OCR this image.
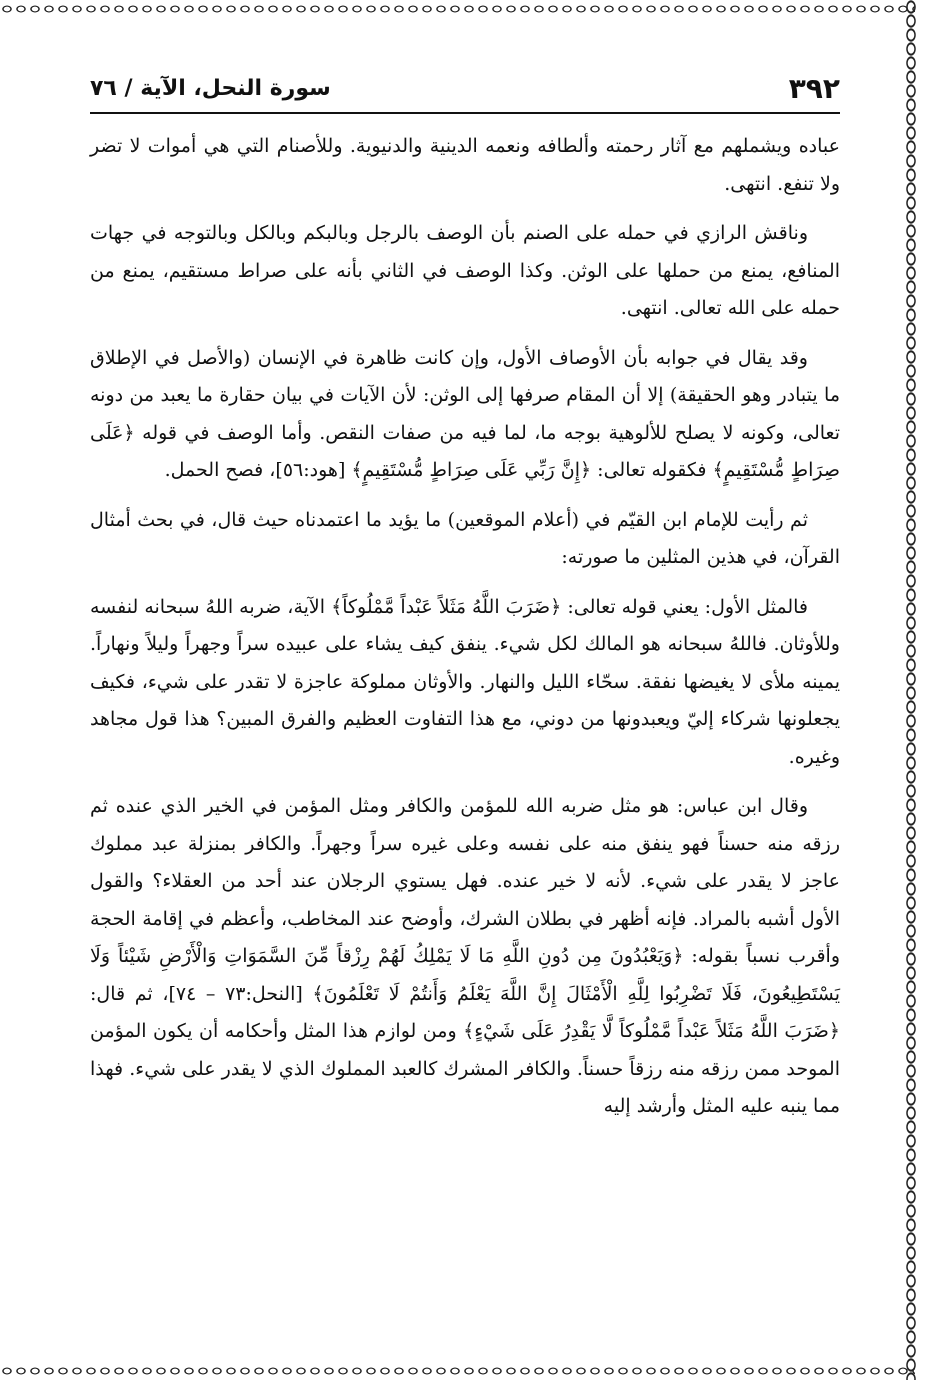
٣٩٢
سورة النحل، الآية / ٧٦

عباده ويشملهم مع آثار رحمته وألطافه ونعمه الدينية والدنيوية. وللأصنام التي هي أموات لا تضر ولا تنفع. انتهى.

وناقش الرازي في حمله على الصنم بأن الوصف بالرجل وبالبكم وبالكل وبالتوجه في جهات المنافع، يمنع من حملها على الوثن. وكذا الوصف في الثاني بأنه على صراط مستقيم، يمنع من حمله على الله تعالى. انتهى.

وقد يقال في جوابه بأن الأوصاف الأول، وإن كانت ظاهرة في الإنسان (والأصل في الإطلاق ما يتبادر وهو الحقيقة) إلا أن المقام صرفها إلى الوثن: لأن الآيات في بيان حقارة ما يعبد من دونه تعالى، وكونه لا يصلح للألوهية بوجه ما، لما فيه من صفات النقص. وأما الوصف في قوله ﴿عَلَى صِرَاطٍ مُّسْتَقِيمٍ﴾ فكقوله تعالى: ﴿إِنَّ رَبِّي عَلَى صِرَاطٍ مُّسْتَقِيمٍ﴾ [هود:٥٦]، فصح الحمل.

ثم رأيت للإمام ابن القيّم في (أعلام الموقعين) ما يؤيد ما اعتمدناه حيث قال، في بحث أمثال القرآن، في هذين المثلين ما صورته:

فالمثل الأول: يعني قوله تعالى: ﴿ضَرَبَ اللَّهُ مَثَلاً عَبْداً مَّمْلُوكاً﴾ الآية، ضربه اللهُ سبحانه لنفسه وللأوثان. فاللهُ سبحانه هو المالك لكل شيء. ينفق كيف يشاء على عبيده سراً وجهراً وليلاً ونهاراً. يمينه ملأى لا يغيضها نفقة. سحّاء الليل والنهار. والأوثان مملوكة عاجزة لا تقدر على شيء، فكيف يجعلونها شركاء إليّ ويعبدونها من دوني، مع هذا التفاوت العظيم والفرق المبين؟ هذا قول مجاهد وغيره.

وقال ابن عباس: هو مثل ضربه الله للمؤمن والكافر ومثل المؤمن في الخير الذي عنده ثم رزقه منه حسناً فهو ينفق منه على نفسه وعلى غيره سراً وجهراً. والكافر بمنزلة عبد مملوك عاجز لا يقدر على شيء. لأنه لا خير عنده. فهل يستوي الرجلان عند أحد من العقلاء؟ والقول الأول أشبه بالمراد. فإنه أظهر في بطلان الشرك، وأوضح عند المخاطب، وأعظم في إقامة الحجة وأقرب نسباً بقوله: ﴿وَيَعْبُدُونَ مِن دُونِ اللَّهِ مَا لَا يَمْلِكُ لَهُمْ رِزْقاً مِّنَ السَّمَوَاتِ وَالْأَرْضِ شَيْئاً وَلَا يَسْتَطِيعُونَ، فَلَا تَضْرِبُوا لِلَّهِ الْأَمْثَالَ إِنَّ اللَّهَ يَعْلَمُ وَأَنتُمْ لَا تَعْلَمُونَ﴾ [النحل:٧٣ – ٧٤]، ثم قال: ﴿ضَرَبَ اللَّهُ مَثَلاً عَبْداً مَّمْلُوكاً لَّا يَقْدِرُ عَلَى شَيْءٍ﴾ ومن لوازم هذا المثل وأحكامه أن يكون المؤمن الموحد ممن رزقه منه رزقاً حسناً. والكافر المشرك كالعبد المملوك الذي لا يقدر على شيء. فهذا مما ينبه عليه المثل وأرشد إليه
